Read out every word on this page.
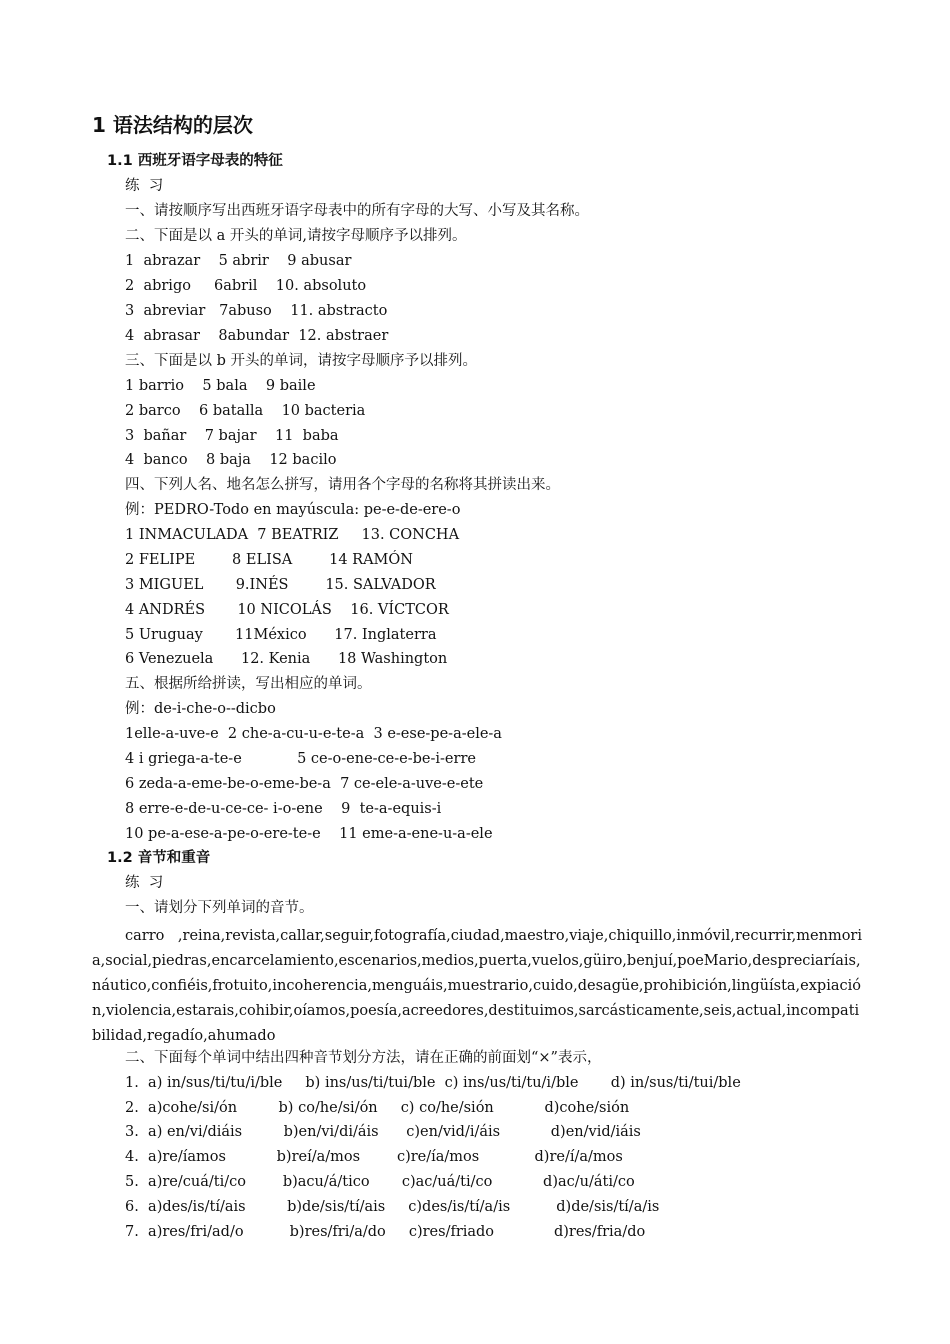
1 语法结构的层次
1.1 西班牙语字母表的特征
练  习
一、请按顺序写出西班牙语字母表中的所有字母的大写、小写及其名称。
二、下面是以 a 开头的单词,请按字母顺序予以排列。
1  abrazar    5 abrir    9 abusar
2  abrigo     6abril    10. absoluto
3  abreviar   7abuso    11. abstracto
4  abrasar    8abundar  12. abstraer
三、下面是以 b 开头的单词，请按字母顺序予以排列。
1 barrio    5 bala    9 baile
2 barco    6 batalla    10 bacteria
3  bañar    7 bajar    11  baba
4  banco    8 baja    12 bacilo
四、下列人名、地名怎么拼写，请用各个字母的名称将其拼读出来。
例：PEDRO-Todo en mayúscula: pe-e-de-ere-o
1 INMACULADA  7 BEATRIZ     13. CONCHA
2 FELIPE        8 ELISA        14 RAMÓN
3 MIGUEL       9.INÉS        15. SALVADOR
4 ANDRÉS       10 NICOLÁS    16. VÍCTCOR
5 Uruguay       11México      17. Inglaterra
6 Venezuela      12. Kenia      18 Washington
五、根据所给拼读，写出相应的单词。
例：de-i-che-o--dicbo
1elle-a-uve-e  2 che-a-cu-u-e-te-a  3 e-ese-pe-a-ele-a
4 i griega-a-te-e            5 ce-o-ene-ce-e-be-i-erre
6 zeda-a-eme-be-o-eme-be-a  7 ce-ele-a-uve-e-ete
8 erre-e-de-u-ce-ce- i-o-ene    9  te-a-equis-i
10 pe-a-ese-a-pe-o-ere-te-e    11 eme-a-ene-u-a-ele
1.2 音节和重音
练  习
一、请划分下列单词的音节。
carro ,reina,revista,callar,seguir,fotografía,ciudad,maestro,viaje,chiquillo,inmóvil,recurrir,menmoria,social,piedras,encarcelamiento,escenarios,medios,puerta,vuelos,güiro,benjuí,poeMario,despreciaríais,náutico,confiéis,frotuito,incoherencia,menguáis,muestrario,cuido,desagüe,prohibición,lingüísta,expiación,violencia,estarais,cohibir,oíamos,poesía,acreedores,destituimos,sarcásticamente,seis,actual,incompatibilidad,regadío,ahumado
二、下面每个单词中结出四种音节划分方法，请在正确的前面划“×”表示，
1.  a) in/sus/ti/tu/i/ble     b) ins/us/ti/tui/ble  c) ins/us/ti/tu/i/ble       d) in/sus/ti/tui/ble
2.  a)cohe/si/ón         b) co/he/si/ón     c) co/he/sión           d)cohe/sión
3.  a) en/vi/diáis         b)en/vi/di/áis      c)en/vid/i/áis           d)en/vid/iáis
4.  a)re/íamos           b)reí/a/mos        c)re/ía/mos            d)re/í/a/mos
5.  a)re/cuá/ti/co        b)acu/á/tico       c)ac/uá/ti/co           d)ac/u/áti/co
6.  a)des/is/tí/ais         b)de/sis/tí/ais     c)des/is/tí/a/is          d)de/sis/tí/a/is
7.  a)res/fri/ad/o          b)res/fri/a/do     c)res/friado             d)res/fria/do
